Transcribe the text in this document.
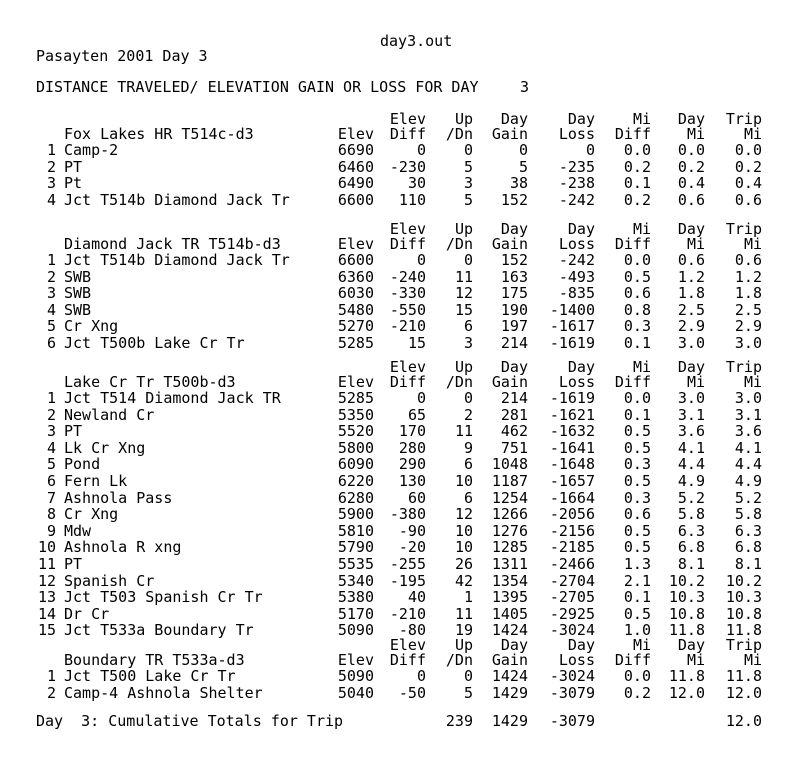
day3.out
Pasayten 2001 Day 3
DISTANCE TRAVELED/ ELEVATION GAIN OR LOSS FOR DAY	3
Elev	Up	Day	Day	Mi	Day	Trip
Fox Lakes HR T514c-d3	Elev	Diff	/Dn	Gain	Loss	Diff	Mi	Mi
1 Camp-2	6690	0	0	0	0	0.0	0.0	0.0
2 PT	6460	-230	5	5	-235	0.2	0.2	0.2
3 Pt	6490	30	3	38	-238	0.1	0.4	0.4
4 Jct T514b Diamond Jack Tr	6600	110	5	152	-242	0.2	0.6	0.6
Elev	Up	Day	Day	Mi	Day	Trip
Diamond Jack TR T514b-d3	Elev	Diff	/Dn	Gain	Loss	Diff	Mi	Mi
1 Jct T514b Diamond Jack Tr	6600	0	0	152	-242	0.0	0.6	0.6
2 SWB	6360	-240	11	163	-493	0.5	1.2	1.2
3 SWB	6030	-330	12	175	-835	0.6	1.8	1.8
4 SWB	5480	-550	15	190	-1400	0.8	2.5	2.5
5 Cr Xng	5270	-210	6	197	-1617	0.3	2.9	2.9
6 Jct T500b Lake Cr Tr	5285	15	3	214	-1619	0.1	3.0	3.0
Elev	Up	Day	Day	Mi	Day	Trip
Lake Cr Tr T500b-d3	Elev	Diff	/Dn	Gain	Loss	Diff	Mi	Mi
1 Jct T514 Diamond Jack TR	5285	0	0	214	-1619	0.0	3.0	3.0
2 Newland Cr	5350	65	2	281	-1621	0.1	3.1	3.1
3 PT	5520	170	11	462	-1632	0.5	3.6	3.6
4 Lk Cr Xng	5800	280	9	751	-1641	0.5	4.1	4.1
5 Pond	6090	290	6	1048	-1648	0.3	4.4	4.4
6 Fern Lk	6220	130	10	1187	-1657	0.5	4.9	4.9
7 Ashnola Pass	6280	60	6	1254	-1664	0.3	5.2	5.2
8 Cr Xng	5900	-380	12	1266	-2056	0.6	5.8	5.8
9 Mdw	5810	-90	10	1276	-2156	0.5	6.3	6.3
10 Ashnola R xng	5790	-20	10	1285	-2185	0.5	6.8	6.8
11 PT	5535	-255	26	1311	-2466	1.3	8.1	8.1
12 Spanish Cr	5340	-195	42	1354	-2704	2.1	10.2	10.2
13 Jct T503 Spanish Cr Tr	5380	40	1	1395	-2705	0.1	10.3	10.3
14 Dr Cr	5170	-210	11	1405	-2925	0.5	10.8	10.8
15 Jct T533a Boundary Tr	5090	-80	19	1424	-3024	1.0	11.8	11.8
Elev	Up	Day	Day	Mi	Day	Trip
Boundary TR T533a-d3	Elev	Diff	/Dn	Gain	Loss	Diff	Mi	Mi
1 Jct T500 Lake Cr Tr	5090	0	0	1424	-3024	0.0	11.8	11.8
2 Camp-4 Ashnola Shelter	5040	-50	5	1429	-3079	0.2	12.0	12.0
Day  3: Cumulative Totals for Trip	239	1429	-3079	12.0
